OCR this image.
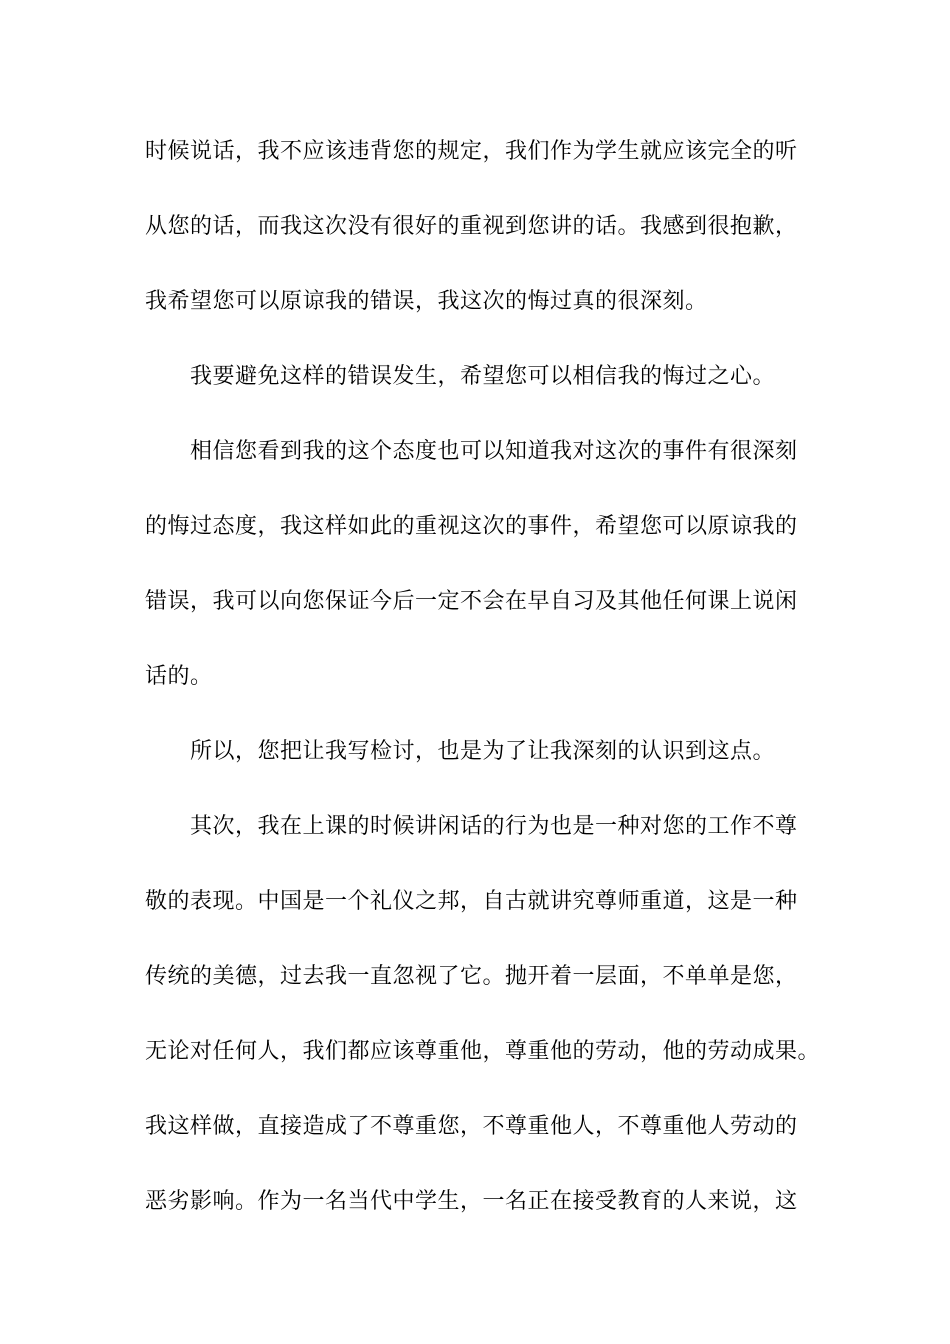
时候说话，我不应该违背您的规定，我们作为学生就应该完全的听
从您的话，而我这次没有很好的重视到您讲的话。我感到很抱歉，
我希望您可以原谅我的错误，我这次的悔过真的很深刻。
我要避免这样的错误发生，希望您可以相信我的悔过之心。
相信您看到我的这个态度也可以知道我对这次的事件有很深刻
的悔过态度，我这样如此的重视这次的事件，希望您可以原谅我的
错误，我可以向您保证今后一定不会在早自习及其他任何课上说闲
话的。
所以，您把让我写检讨，也是为了让我深刻的认识到这点。
其次，我在上课的时候讲闲话的行为也是一种对您的工作不尊
敬的表现。中国是一个礼仪之邦，自古就讲究尊师重道，这是一种
传统的美德，过去我一直忽视了它。抛开着一层面，不单单是您，
无论对任何人，我们都应该尊重他，尊重他的劳动，他的劳动成果。
我这样做，直接造成了不尊重您，不尊重他人，不尊重他人劳动的
恶劣影响。作为一名当代中学生，一名正在接受教育的人来说，这
